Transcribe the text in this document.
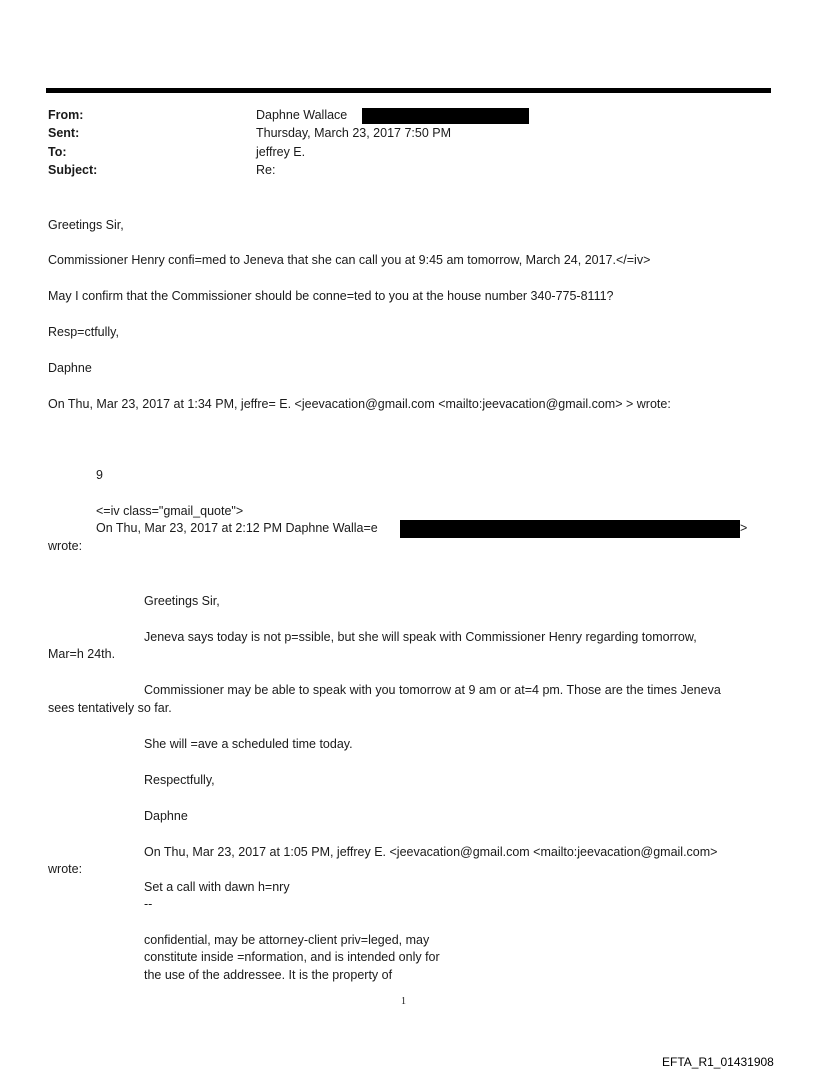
From:	Daphne Wallace
Sent:	Thursday, March 23, 2017 7:50 PM
To:	jeffrey E.
Subject:	Re:
Greetings Sir,
Commissioner Henry confi=med to Jeneva that she can call you at 9:45 am tomorrow, March 24, 2017.</=iv>
May I confirm that the Commissioner should be conne=ted to you at the house number 340-775-8111?
Resp=ctfully,
Daphne
On Thu, Mar 23, 2017 at 1:34 PM, jeffre= E. <jeevacation@gmail.com <mailto:jeevacation@gmail.com> > wrote:
9
<=iv class="gmail_quote">
On Thu, Mar 23, 2017 at 2:12 PM Daphne Walla=e	>
wrote:
Greetings Sir,
Jeneva says today is not p=ssible, but she will speak with Commissioner Henry regarding tomorrow,
Mar=h 24th.
Commissioner may be able to speak with you tomorrow at 9 am or at=4 pm. Those are the times Jeneva
sees tentatively so far.
She will =ave a scheduled time today.
Respectfully,
Daphne
On Thu, Mar 23, 2017 at 1:05 PM, jeffrey E. <jeevacation@gmail.com <mailto:jeevacation@gmail.com>
wrote:
Set a call with dawn h=nry
--
confidential, may be attorney-client priv=leged, may
constitute inside =nformation, and is intended only for
the use of the addressee. It is the property of
1
EFTA_R1_01431908
